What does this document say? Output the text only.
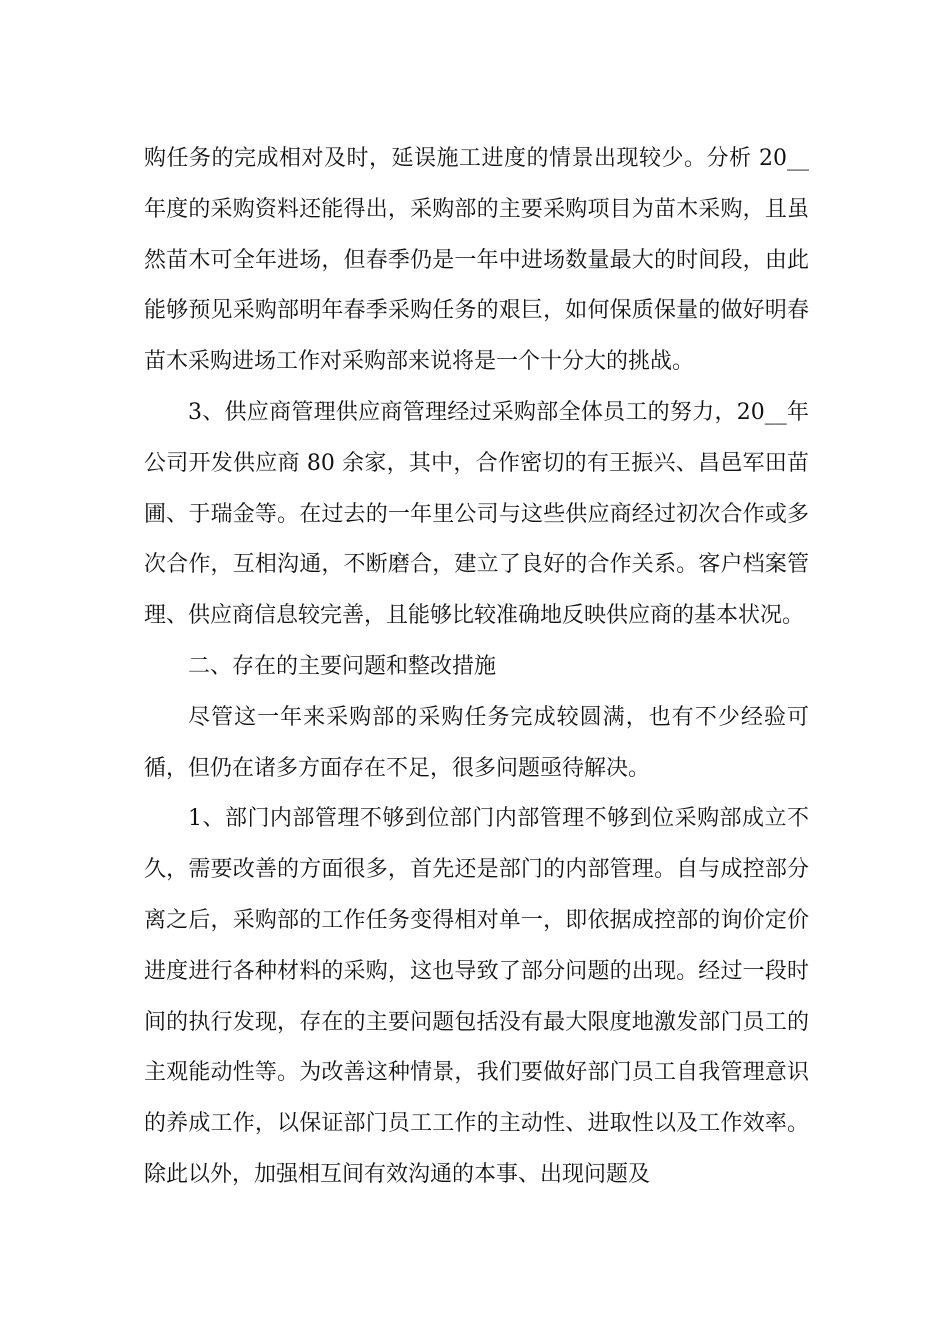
购任务的完成相对及时，延误施工进度的情景出现较少。分析 20__年度的采购资料还能得出，采购部的主要采购项目为苗木采购，且虽然苗木可全年进场，但春季仍是一年中进场数量最大的时间段，由此能够预见采购部明年春季采购任务的艰巨，如何保质保量的做好明春苗木采购进场工作对采购部来说将是一个十分大的挑战。

3、供应商管理供应商管理经过采购部全体员工的努力，20__年公司开发供应商 80 余家，其中，合作密切的有王振兴、昌邑军田苗圃、于瑞金等。在过去的一年里公司与这些供应商经过初次合作或多次合作，互相沟通，不断磨合，建立了良好的合作关系。客户档案管理、供应商信息较完善，且能够比较准确地反映供应商的基本状况。

二、存在的主要问题和整改措施

尽管这一年来采购部的采购任务完成较圆满，也有不少经验可循，但仍在诸多方面存在不足，很多问题亟待解决。

1、部门内部管理不够到位部门内部管理不够到位采购部成立不久，需要改善的方面很多，首先还是部门的内部管理。自与成控部分离之后，采购部的工作任务变得相对单一，即依据成控部的询价定价进度进行各种材料的采购，这也导致了部分问题的出现。经过一段时间的执行发现，存在的主要问题包括没有最大限度地激发部门员工的主观能动性等。为改善这种情景，我们要做好部门员工自我管理意识的养成工作，以保证部门员工工作的主动性、进取性以及工作效率。除此以外，加强相互间有效沟通的本事、出现问题及
